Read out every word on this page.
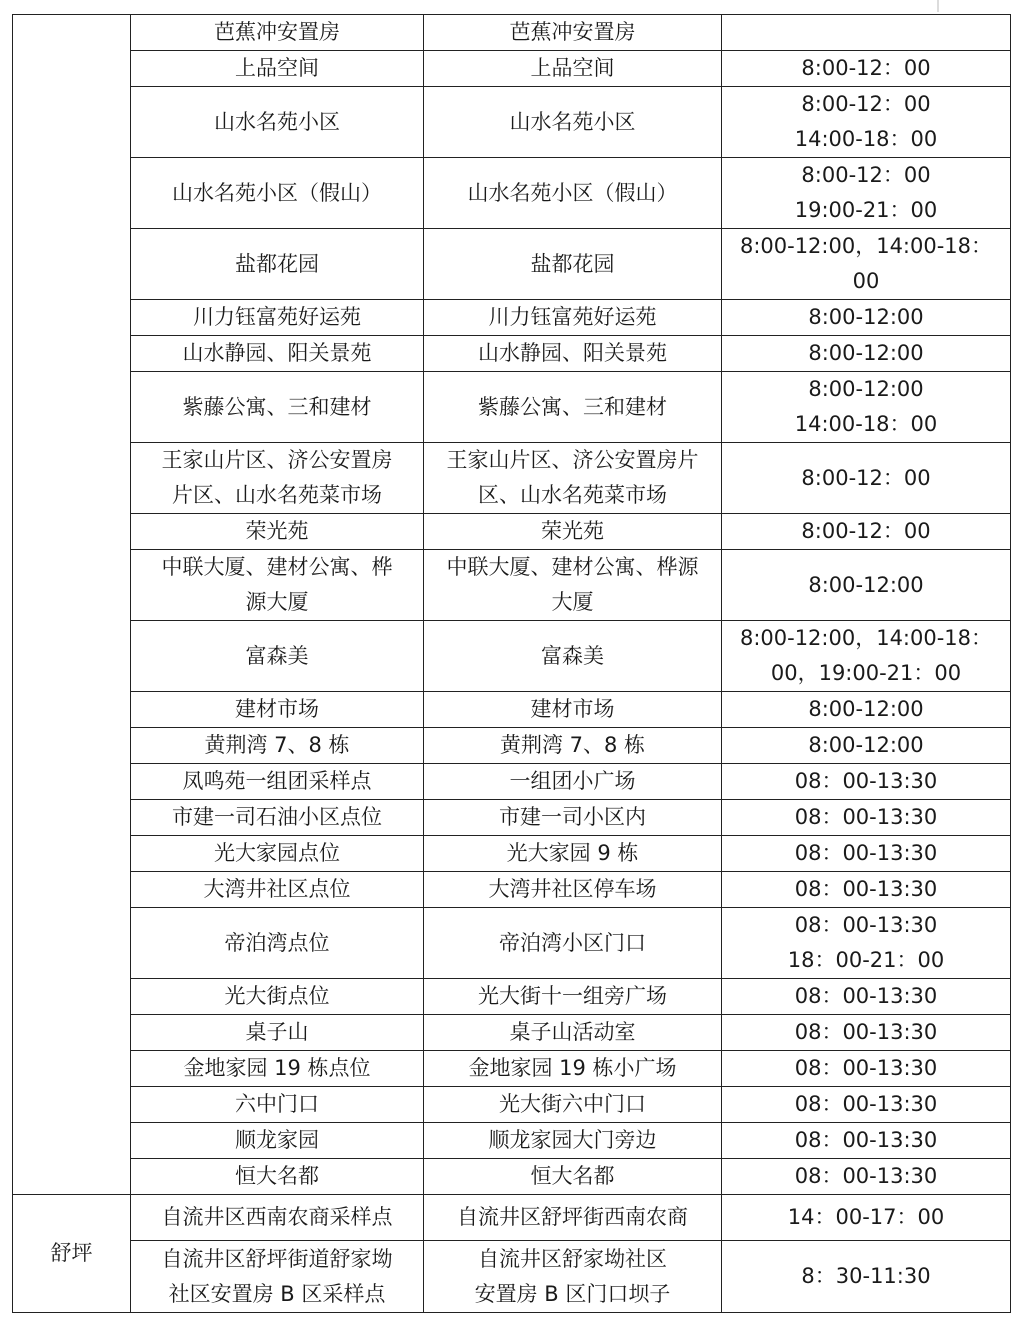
	芭蕉冲安置房	芭蕉冲安置房	

	上品空间	上品空间	8:00-12：00

	山水名苑小区	山水名苑小区	8:00-12：00
14:00-18：00

	山水名苑小区（假山）	山水名苑小区（假山）	8:00-12：00
19:00-21：00

	盐都花园	盐都花园	8:00-12:00，14:00-18：
00

	川力钰富苑好运苑	川力钰富苑好运苑	8:00-12:00

	山水静园、阳关景苑	山水静园、阳关景苑	8:00-12:00

	紫藤公寓、三和建材	紫藤公寓、三和建材	8:00-12:00
14:00-18：00

	王家山片区、济公安置房
片区、山水名苑菜市场	王家山片区、济公安置房片
区、山水名苑菜市场	8:00-12：00

	荣光苑	荣光苑	8:00-12：00

	中联大厦、建材公寓、桦
源大厦	中联大厦、建材公寓、桦源
大厦	8:00-12:00

	富森美	富森美	8:00-12:00，14:00-18：
00，19:00-21：00

	建材市场	建材市场	8:00-12:00

	黄荆湾 7、8 栋	黄荆湾 7、8 栋	8:00-12:00

	凤鸣苑一组团采样点	一组团小广场	08：00-13:30

	市建一司石油小区点位	市建一司小区内	08：00-13:30

	光大家园点位	光大家园 9 栋	08：00-13:30

	大湾井社区点位	大湾井社区停车场	08：00-13:30

	帝泊湾点位	帝泊湾小区门口	08：00-13:30
18：00-21：00

	光大街点位	光大街十一组旁广场	08：00-13:30

	桌子山	桌子山活动室	08：00-13:30

	金地家园 19 栋点位	金地家园 19 栋小广场	08：00-13:30

	六中门口	光大街六中门口	08：00-13:30

	顺龙家园	顺龙家园大门旁边	08：00-13:30

	恒大名都	恒大名都	08：00-13:30

舒坪	自流井区西南农商采样点	自流井区舒坪街西南农商	14：00-17：00

	自流井区舒坪街道舒家坳
社区安置房 B 区采样点	自流井区舒家坳社区
安置房 B 区门口坝子	8：30-11:30
